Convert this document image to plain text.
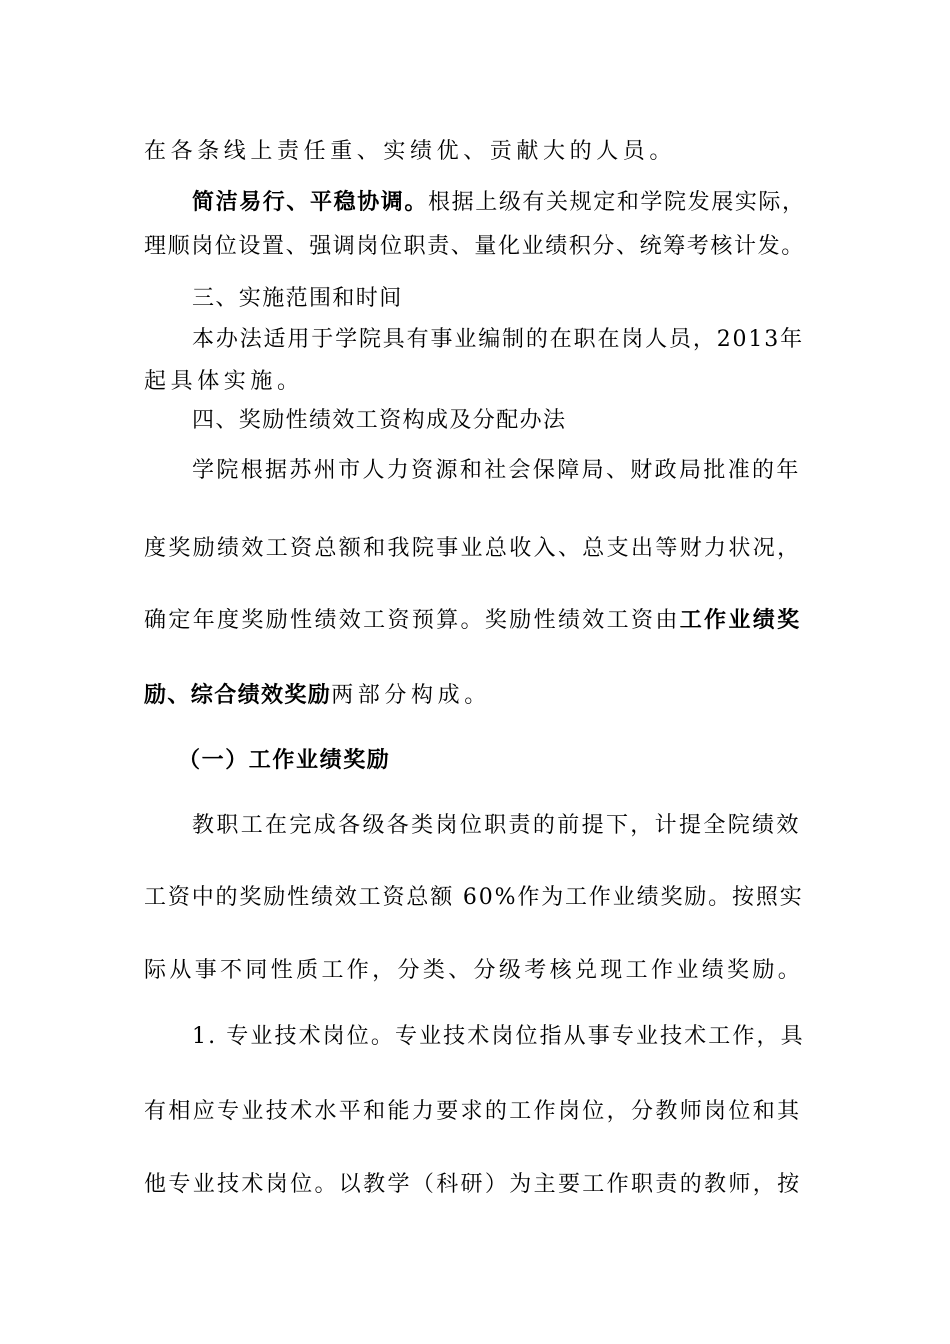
在各条线上责任重、实绩优、贡献大的人员。
简洁易行、平稳协调。根据上级有关规定和学院发展实际，
理顺岗位设置、强调岗位职责、量化业绩积分、统筹考核计发。
三、实施范围和时间
本办法适用于学院具有事业编制的在职在岗人员，2013年
起具体实施。
四、奖励性绩效工资构成及分配办法
学院根据苏州市人力资源和社会保障局、财政局批准的年
度奖励绩效工资总额和我院事业总收入、总支出等财力状况，
确定年度奖励性绩效工资预算。奖励性绩效工资由工作业绩奖
励、综合绩效奖励两部分构成。
（一）工作业绩奖励
教职工在完成各级各类岗位职责的前提下，计提全院绩效
工资中的奖励性绩效工资总额 60%作为工作业绩奖励。按照实
际从事不同性质工作，分类、分级考核兑现工作业绩奖励。
1. 专业技术岗位。专业技术岗位指从事专业技术工作，具
有相应专业技术水平和能力要求的工作岗位，分教师岗位和其
他专业技术岗位。以教学（科研）为主要工作职责的教师，按
